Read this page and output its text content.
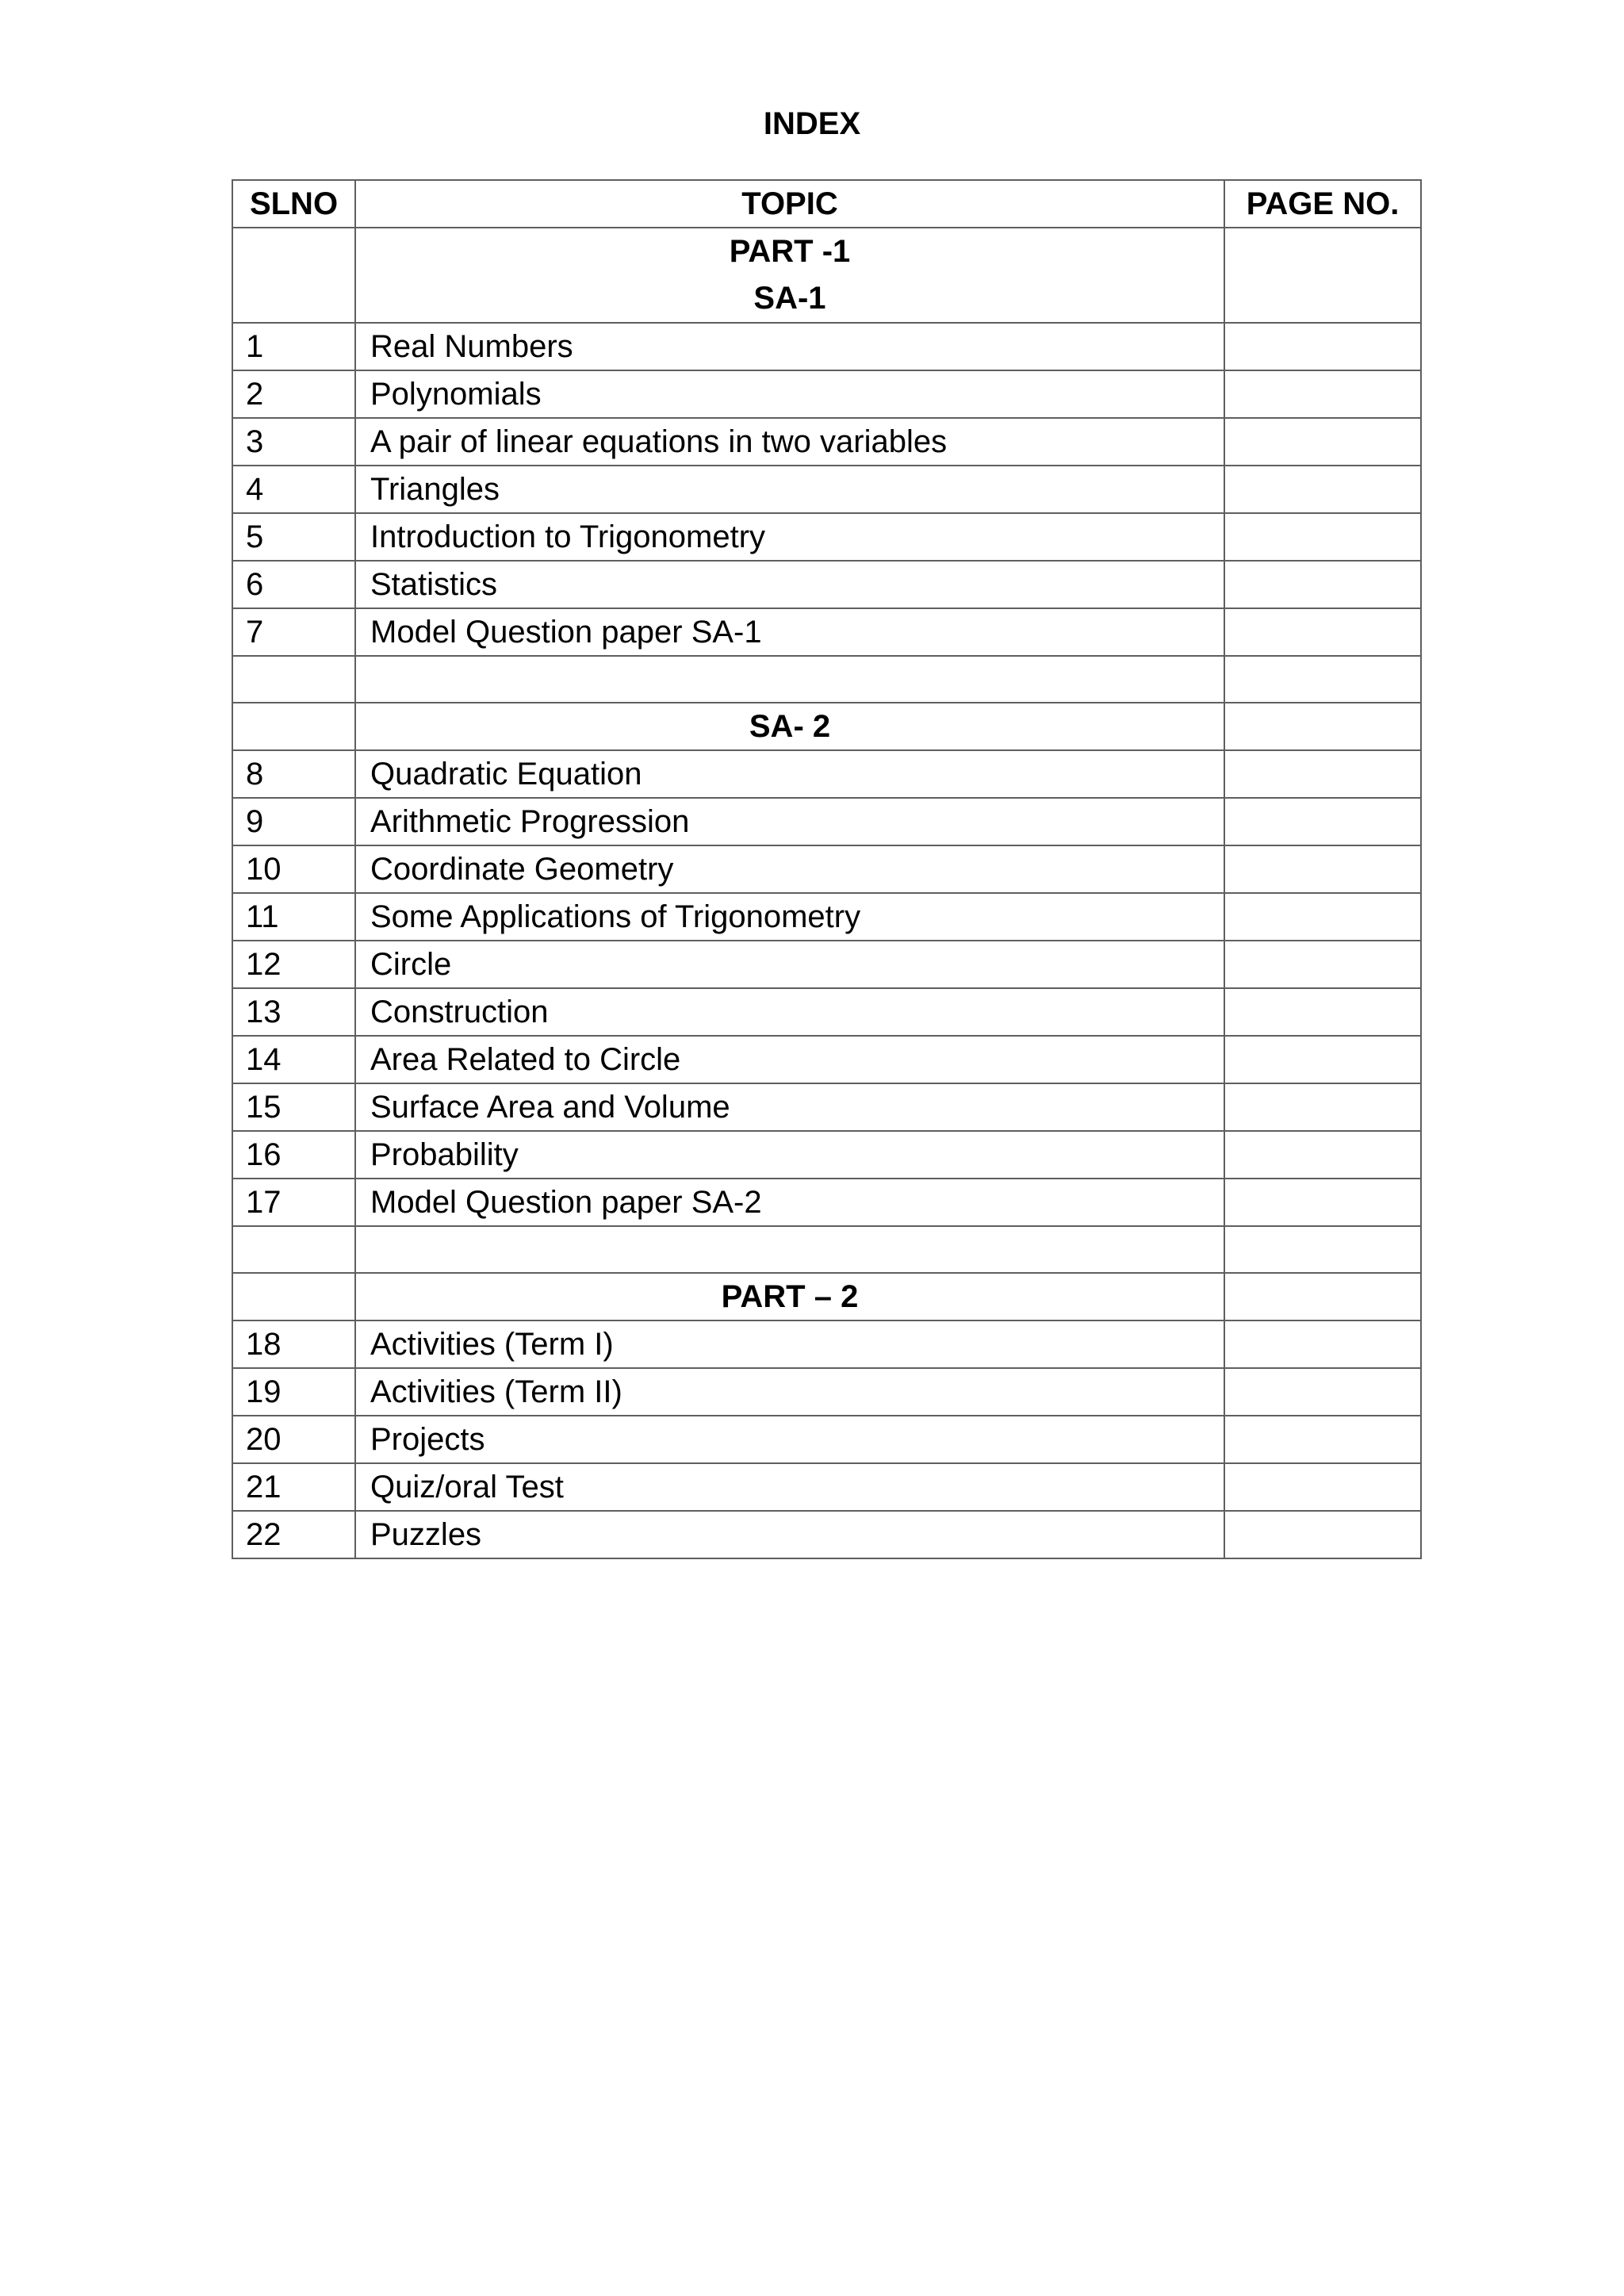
INDEX
SLNO	TOPIC	PAGE NO.

	PART -1
SA-1	

1	Real Numbers	
2	Polynomials	
3	A pair of linear equations in two variables	
4	Triangles	
5	Introduction to Trigonometry	
6	Statistics	
7	Model Question paper SA-1	

	SA- 2	
8	Quadratic Equation	
9	Arithmetic Progression	
10	Coordinate Geometry	
11	Some Applications of Trigonometry	
12	Circle	
13	Construction	
14	Area Related to Circle	
15	Surface Area and Volume	
16	Probability	
17	Model Question paper SA-2	

	PART – 2	
18	Activities (Term I)	
19	Activities (Term II)	
20	Projects	
21	Quiz/oral Test	
22	Puzzles	
